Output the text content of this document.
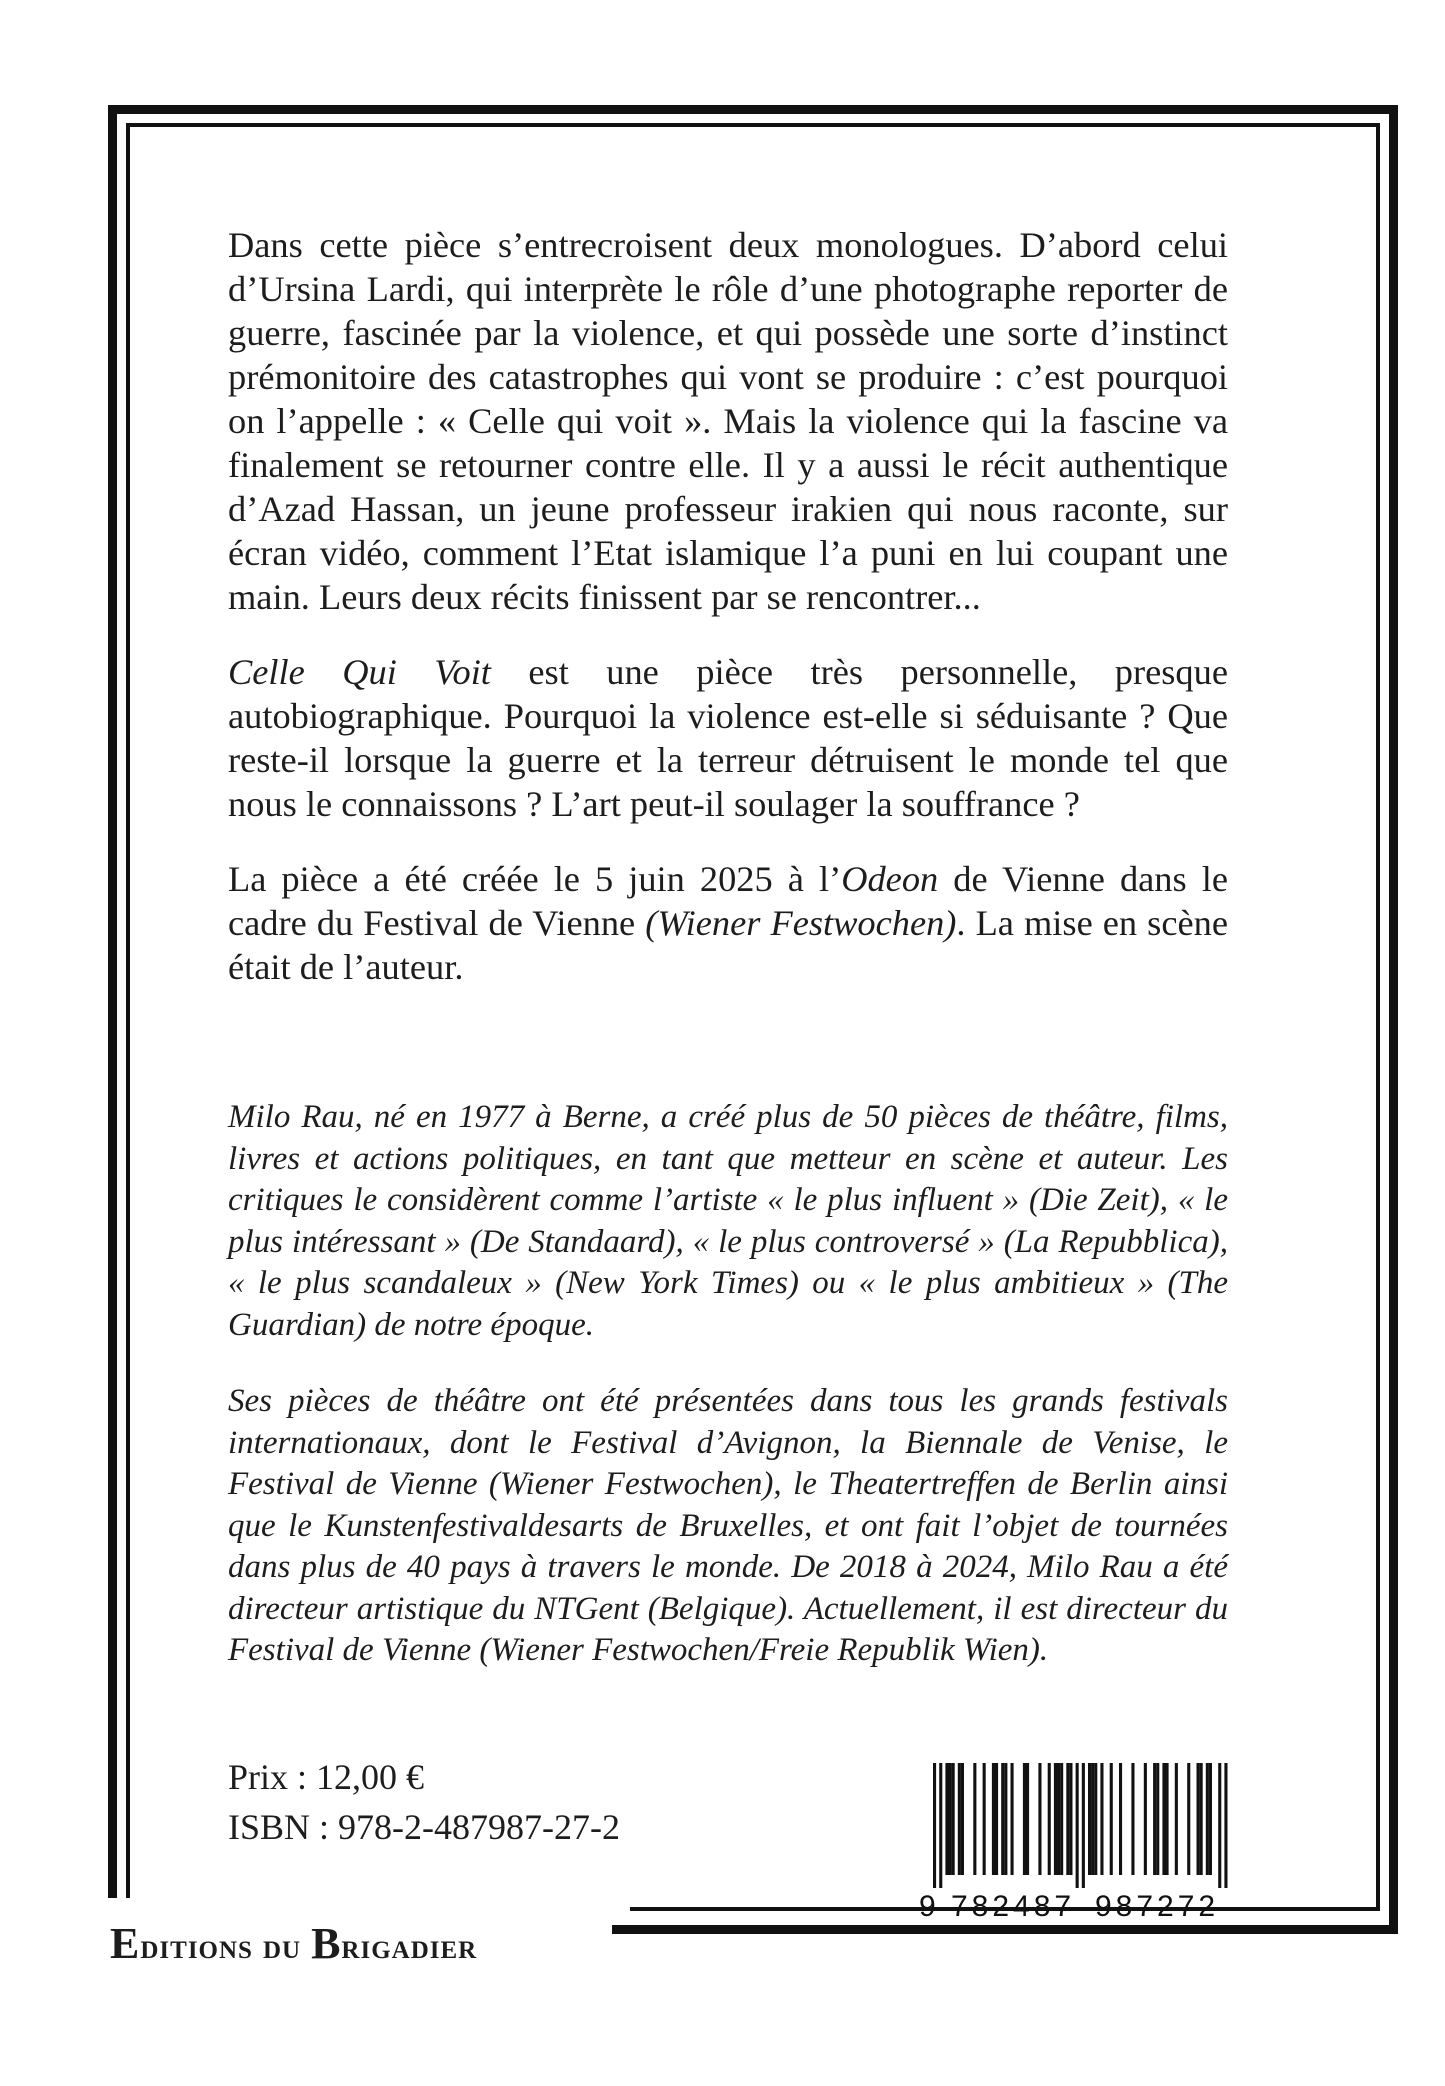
Dans cette pièce s’entrecroisent deux monologues. D’abord celui d’Ursina Lardi, qui interprète le rôle d’une photographe reporter de guerre, fascinée par la violence, et qui possède une sorte d’instinct prémonitoire des catastrophes qui vont se produire : c’est pourquoi on l’appelle : « Celle qui voit ». Mais la violence qui la fascine va finalement se retourner contre elle. Il y a aussi le récit authentique d’Azad Hassan, un jeune professeur irakien qui nous raconte, sur écran vidéo, comment l’Etat islamique l’a puni en lui coupant une main. Leurs deux récits finissent par se rencontrer...

Celle Qui Voit est une pièce très personnelle, presque autobiographique. Pourquoi la violence est-elle si séduisante ? Que reste-il lorsque la guerre et la terreur détruisent le monde tel que nous le connaissons ? L’art peut-il soulager la souffrance ?

La pièce a été créée le 5 juin 2025 à l’Odeon de Vienne dans le cadre du Festival de Vienne (Wiener Festwochen). La mise en scène était de l’auteur.

Milo Rau, né en 1977 à Berne, a créé plus de 50 pièces de théâtre, films, livres et actions politiques, en tant que metteur en scène et auteur. Les critiques le considèrent comme l’artiste « le plus influent » (Die Zeit), « le plus intéressant » (De Standaard), « le plus controversé » (La Repubblica), « le plus scandaleux » (New York Times) ou « le plus ambitieux » (The Guardian) de notre époque.

Ses pièces de théâtre ont été présentées dans tous les grands festivals internationaux, dont le Festival d’Avignon, la Biennale de Venise, le Festival de Vienne (Wiener Festwochen), le Theatertreffen de Berlin ainsi que le Kunstenfestivaldesarts de Bruxelles, et ont fait l’objet de tournées dans plus de 40 pays à travers le monde. De 2018 à 2024, Milo Rau a été directeur artistique du NTGent (Belgique). Actuellement, il est directeur du Festival de Vienne (Wiener Festwochen/Freie Republik Wien).

Prix : 12,00 €
ISBN : 978-2-487987-27-2
9 782487 987272
Editions du Brigadier
